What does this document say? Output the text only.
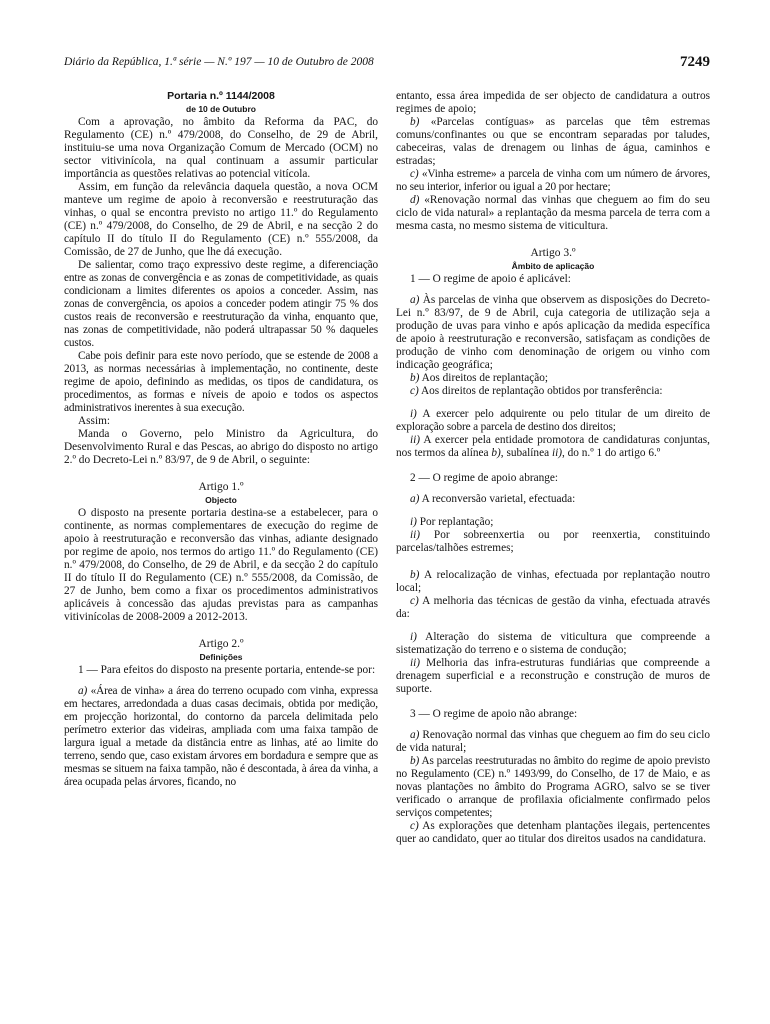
Diário da República, 1.ª série — N.º 197 — 10 de Outubro de 2008	7249

Portaria n.º 1144/2008

de 10 de Outubro

Com a aprovação, no âmbito da Reforma da PAC, do Regulamento (CE) n.º 479/2008, do Conselho, de 29 de Abril, instituiu-se uma nova Organização Comum de Mercado (OCM) no sector vitivinícola, na qual continuam a assumir particular importância as questões relativas ao potencial vitícola.

Assim, em função da relevância daquela questão, a nova OCM manteve um regime de apoio à reconversão e reestruturação das vinhas, o qual se encontra previsto no artigo 11.º do Regulamento (CE) n.º 479/2008, do Conselho, de 29 de Abril, e na secção 2 do capítulo II do título II do Regulamento (CE) n.º 555/2008, da Comissão, de 27 de Junho, que lhe dá execução.

De salientar, como traço expressivo deste regime, a diferenciação entre as zonas de convergência e as zonas de competitividade, as quais condicionam a limites diferentes os apoios a conceder. Assim, nas zonas de convergência, os apoios a conceder podem atingir 75 % dos custos reais de reconversão e reestruturação da vinha, enquanto que, nas zonas de competitividade, não poderá ultrapassar 50 % daqueles custos.

Cabe pois definir para este novo período, que se estende de 2008 a 2013, as normas necessárias à implementação, no continente, deste regime de apoio, definindo as medidas, os tipos de candidatura, os procedimentos, as formas e níveis de apoio e todos os aspectos administrativos inerentes à sua execução.

Assim:

Manda o Governo, pelo Ministro da Agricultura, do Desenvolvimento Rural e das Pescas, ao abrigo do disposto no artigo 2.º do Decreto-Lei n.º 83/97, de 9 de Abril, o seguinte:

Artigo 1.º

Objecto

O disposto na presente portaria destina-se a estabelecer, para o continente, as normas complementares de execução do regime de apoio à reestruturação e reconversão das vinhas, adiante designado por regime de apoio, nos termos do artigo 11.º do Regulamento (CE) n.º 479/2008, do Conselho, de 29 de Abril, e da secção 2 do capítulo II do título II do Regulamento (CE) n.º 555/2008, da Comissão, de 27 de Junho, bem como a fixar os procedimentos administrativos aplicáveis à concessão das ajudas previstas para as campanhas vitivinícolas de 2008-2009 a 2012-2013.

Artigo 2.º

Definições

1 — Para efeitos do disposto na presente portaria, entende-se por:

a) «Área de vinha» a área do terreno ocupado com vinha, expressa em hectares, arredondada a duas casas decimais, obtida por medição, em projecção horizontal, do contorno da parcela delimitada pelo perímetro exterior das videiras, ampliada com uma faixa tampão de largura igual a metade da distância entre as linhas, até ao limite do terreno, sendo que, caso existam árvores em bordadura e sempre que as mesmas se situem na faixa tampão, não é descontada, à área da vinha, a área ocupada pelas árvores, ficando, no

entanto, essa área impedida de ser objecto de candidatura a outros regimes de apoio;

b) «Parcelas contíguas» as parcelas que têm estremas comuns/confinantes ou que se encontram separadas por taludes, cabeceiras, valas de drenagem ou linhas de água, caminhos e estradas;

c) «Vinha estreme» a parcela de vinha com um número de árvores, no seu interior, inferior ou igual a 20 por hectare;

d) «Renovação normal das vinhas que cheguem ao fim do seu ciclo de vida natural» a replantação da mesma parcela de terra com a mesma casta, no mesmo sistema de viticultura.

Artigo 3.º

Âmbito de aplicação

1 — O regime de apoio é aplicável:

a) Às parcelas de vinha que observem as disposições do Decreto-Lei n.º 83/97, de 9 de Abril, cuja categoria de utilização seja a produção de uvas para vinho e após aplicação da medida específica de apoio à reestruturação e reconversão, satisfaçam as condições de produção de vinho com denominação de origem ou vinho com indicação geográfica;

b) Aos direitos de replantação;

c) Aos direitos de replantação obtidos por transferência:

i) A exercer pelo adquirente ou pelo titular de um direito de exploração sobre a parcela de destino dos direitos;

ii) A exercer pela entidade promotora de candidaturas conjuntas, nos termos da alínea b), subalínea ii), do n.º 1 do artigo 6.º

2 — O regime de apoio abrange:

a) A reconversão varietal, efectuada:

i) Por replantação;

ii) Por sobreenxertia ou por reenxertia, constituindo parcelas/talhões estremes;

b) A relocalização de vinhas, efectuada por replantação noutro local;

c) A melhoria das técnicas de gestão da vinha, efectuada através da:

i) Alteração do sistema de viticultura que compreende a sistematização do terreno e o sistema de condução;

ii) Melhoria das infra-estruturas fundiárias que compreende a drenagem superficial e a reconstrução e construção de muros de suporte.

3 — O regime de apoio não abrange:

a) Renovação normal das vinhas que cheguem ao fim do seu ciclo de vida natural;

b) As parcelas reestruturadas no âmbito do regime de apoio previsto no Regulamento (CE) n.º 1493/99, do Conselho, de 17 de Maio, e as novas plantações no âmbito do Programa AGRO, salvo se se tiver verificado o arranque de profilaxia oficialmente confirmado pelos serviços competentes;

c) As explorações que detenham plantações ilegais, pertencentes quer ao candidato, quer ao titular dos direitos usados na candidatura.
